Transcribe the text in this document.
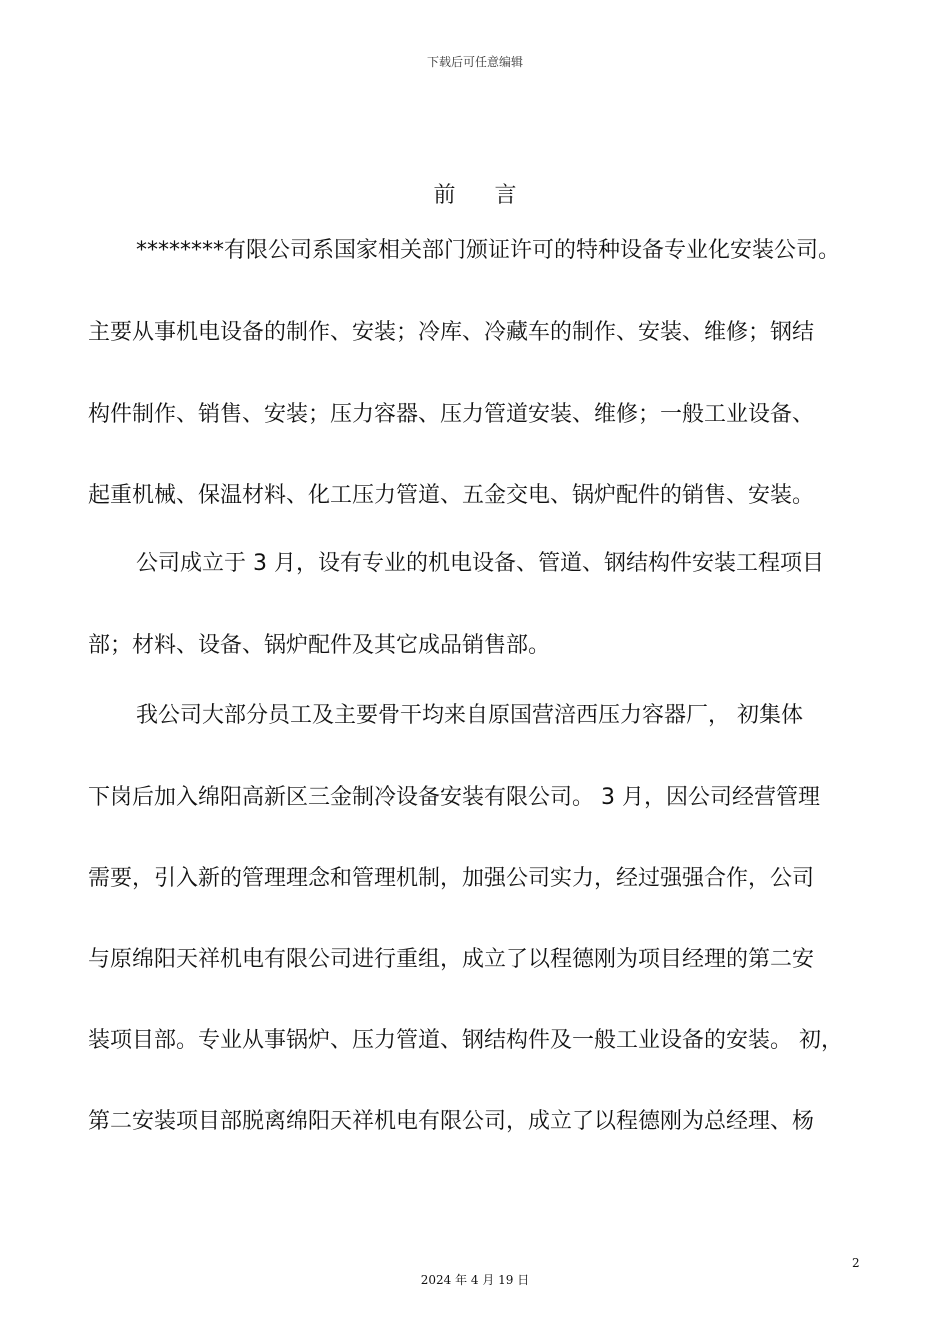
下载后可任意编辑
前 言
********有限公司系国家相关部门颁证许可的特种设备专业化安装公司。
主要从事机电设备的制作、安装；冷库、冷藏车的制作、安装、维修；钢结
构件制作、销售、安装；压力容器、压力管道安装、维修；一般工业设备、
起重机械、保温材料、化工压力管道、五金交电、锅炉配件的销售、安装。
公司成立于 3 月，设有专业的机电设备、管道、钢结构件安装工程项目
部；材料、设备、锅炉配件及其它成品销售部。
我公司大部分员工及主要骨干均来自原国营涪西压力容器厂， 初集体
下岗后加入绵阳高新区三金制冷设备安装有限公司。 3 月，因公司经营管理
需要，引入新的管理理念和管理机制，加强公司实力，经过强强合作，公司
与原绵阳天祥机电有限公司进行重组，成立了以程德刚为项目经理的第二安
装项目部。专业从事锅炉、压力管道、钢结构件及一般工业设备的安装。 初，
第二安装项目部脱离绵阳天祥机电有限公司，成立了以程德刚为总经理、杨
2
2024 年 4 月 19 日
